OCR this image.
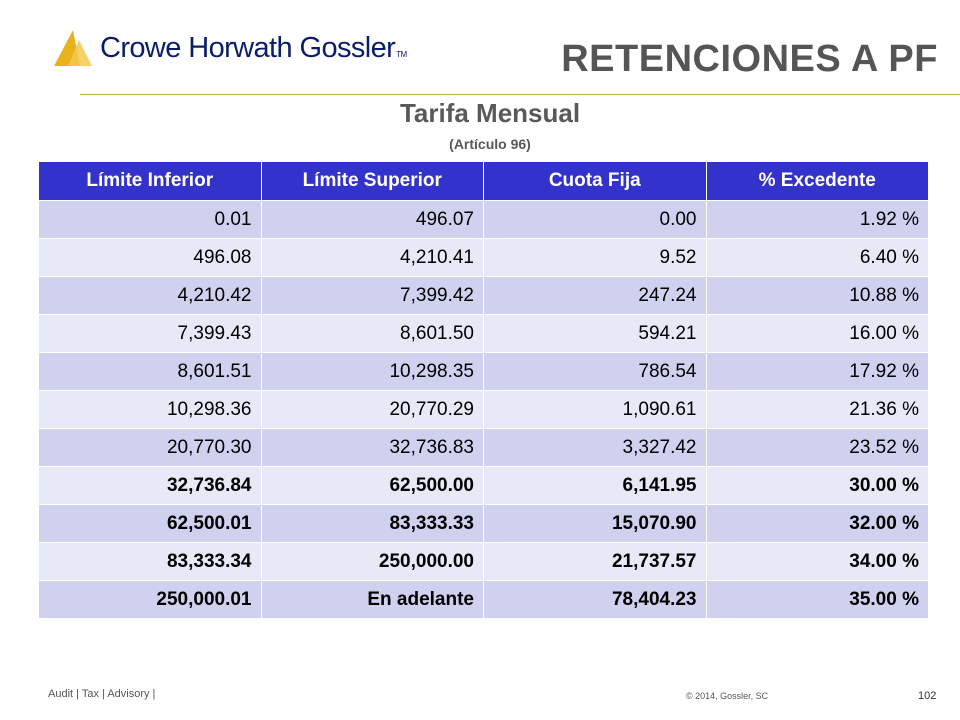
Crowe Horwath GosslerTM	RETENCIONES A PF
Tarifa Mensual
(Artículo 96)
Límite Inferior	Límite Superior	Cuota Fija	% Excedente
0.01	496.07	0.00	1.92 %
496.08	4,210.41	9.52	6.40 %
4,210.42	7,399.42	247.24	10.88 %
7,399.43	8,601.50	594.21	16.00 %
8,601.51	10,298.35	786.54	17.92 %
10,298.36	20,770.29	1,090.61	21.36 %
20,770.30	32,736.83	3,327.42	23.52 %
32,736.84	62,500.00	6,141.95	30.00 %
62,500.01	83,333.33	15,070.90	32.00 %
83,333.34	250,000.00	21,737.57	34.00 %
250,000.01	En adelante	78,404.23	35.00 %
Audit | Tax | Advisory |	© 2014, Gossler, SC	102
